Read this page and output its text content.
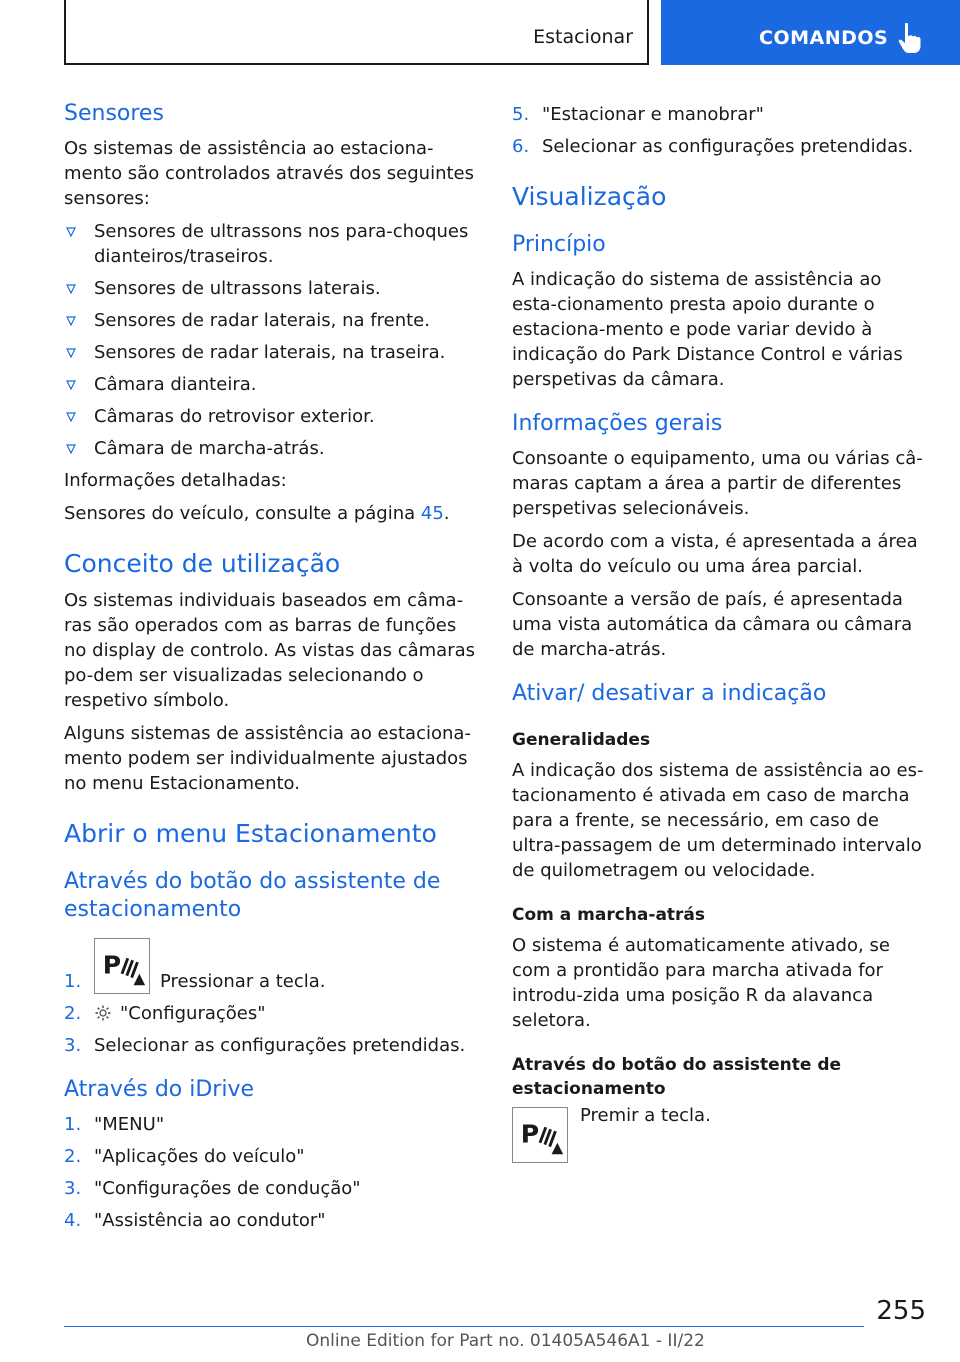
Estacionar	COMANDOS
Sensores

Os sistemas de assistência ao estaciona-mento são controlados através dos seguintes sensores:

Sensores de ultrassons nos para-choques dianteiros/traseiros.
Sensores de ultrassons laterais.
Sensores de radar laterais, na frente.
Sensores de radar laterais, na traseira.
Câmara dianteira.
Câmaras do retrovisor exterior.
Câmara de marcha-atrás.

Informações detalhadas:

Sensores do veículo, consulte a página 45.

Conceito de utilização

Os sistemas individuais baseados em câma-ras são operados com as barras de funções no display de controlo. As vistas das câmaras po-dem ser visualizadas selecionando o respetivo símbolo.

Alguns sistemas de assistência ao estaciona-mento podem ser individualmente ajustados no menu Estacionamento.

Abrir o menu Estacionamento
Através do botão do assistente de estacionamento
1.
P
Pressionar a tecla.
2. "Configurações"
3. Selecionar as configurações pretendidas.
Através do iDrive
1. "MENU"
2. "Aplicações do veículo"
3. "Configurações de condução"
4. "Assistência ao condutor"
5. "Estacionar e manobrar"
6. Selecionar as configurações pretendidas.
Visualização
Princípio

A indicação do sistema de assistência ao esta-cionamento presta apoio durante o estaciona-mento e pode variar devido à indicação do Park Distance Control e várias perspetivas da câmara.

Informações gerais

Consoante o equipamento, uma ou várias câ-maras captam a área a partir de diferentes perspetivas selecionáveis.

De acordo com a vista, é apresentada a área à volta do veículo ou uma área parcial.

Consoante a versão de país, é apresentada uma vista automática da câmara ou câmara de marcha-atrás.

Ativar/ desativar a indicação
Generalidades

A indicação dos sistema de assistência ao es-tacionamento é ativada em caso de marcha para a frente, se necessário, em caso de ultra-passagem de um determinado intervalo de quilometragem ou velocidade.

Com a marcha-atrás

O sistema é automaticamente ativado, se com a prontidão para marcha ativada for introdu-zida uma posição R da alavanca seletora.

Através do botão do assistente de estacionamento
P

Premir a tecla.

255
Online Edition for Part no. 01405A546A1 - II/22
